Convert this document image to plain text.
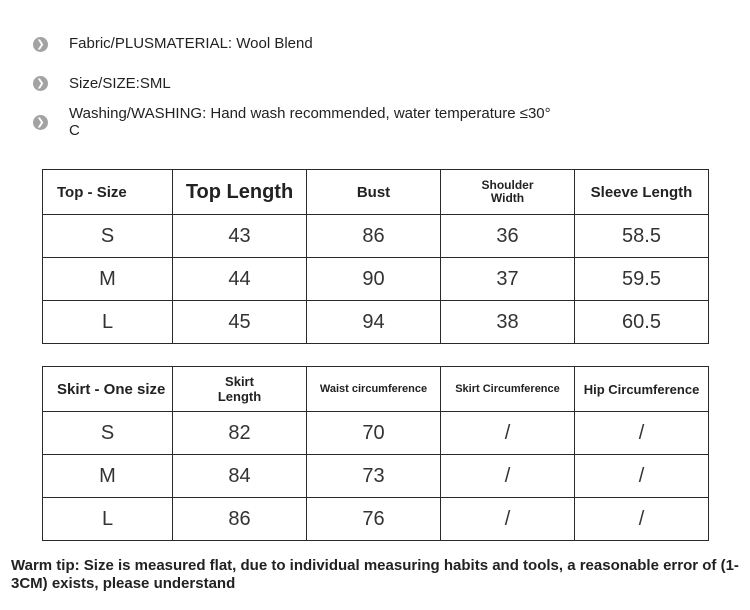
❯ Fabric/PLUSMATERIAL: Wool Blend
❯ Size/SIZE:SML
❯
Washing/WASHING: Hand wash recommended, water temperature ≤30°
C
Top - Size	Top Length	Bust	Shoulder Width	Sleeve Length
S	43	86	36	58.5
M	44	90	37	59.5
L	45	94	38	60.5
Skirt - One size	Skirt Length	Waist circumference	Skirt Circumference	Hip Circumference
S	82	70	/	/
M	84	73	/	/
L	86	76	/	/
Warm tip: Size is measured flat, due to individual measuring habits and tools, a reasonable error of (1-3CM) exists, please understand
